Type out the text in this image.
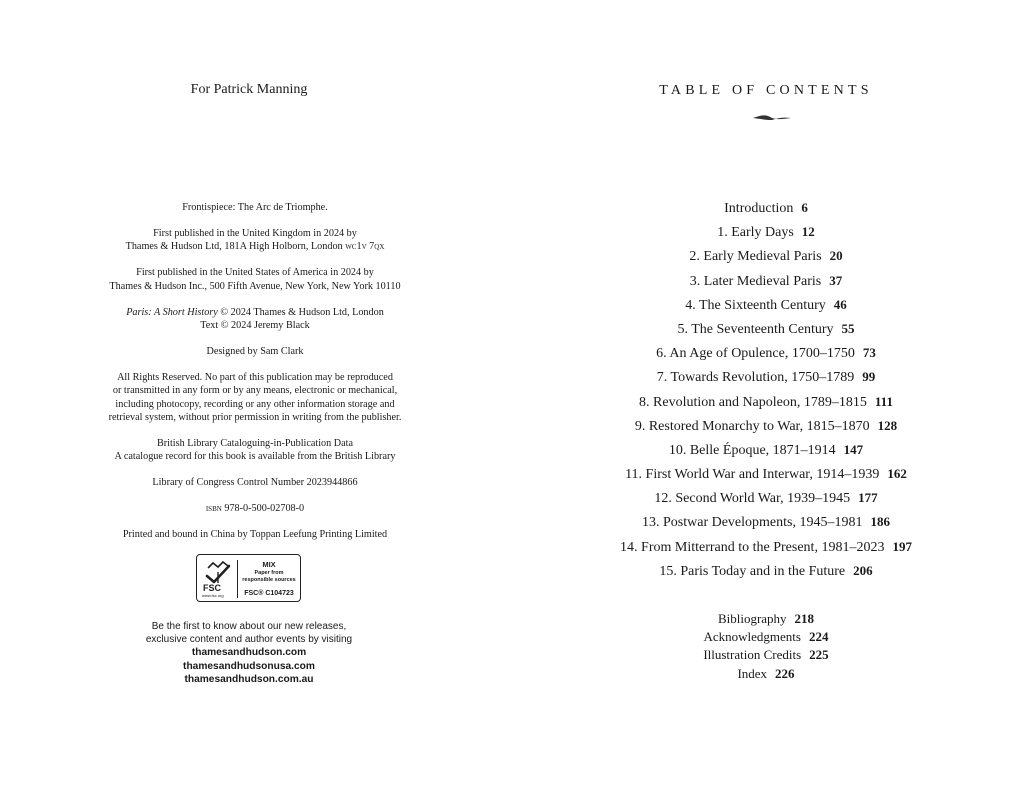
For Patrick Manning

Frontispiece: The Arc de Triomphe.

First published in the United Kingdom in 2024 by

Thames & Hudson Ltd, 181A High Holborn, London wc1v 7qx

First published in the United States of America in 2024 by

Thames & Hudson Inc., 500 Fifth Avenue, New York, New York 10110

Paris: A Short History © 2024 Thames & Hudson Ltd, London

Text © 2024 Jeremy Black

Designed by Sam Clark

All Rights Reserved. No part of this publication may be reproduced

or transmitted in any form or by any means, electronic or mechanical,

including photocopy, recording or any other information storage and

retrieval system, without prior permission in writing from the publisher.

British Library Cataloguing-in-Publication Data

A catalogue record for this book is available from the British Library

Library of Congress Control Number 2023944866

isbn 978-0-500-02708-0

Printed and bound in China by Toppan Leefung Printing Limited

FSC
www.fsc.org
MIX
Paper from
responsible sources
FSC® C104723

Be the first to know about our new releases,

exclusive content and author events by visiting

thamesandhudson.com

thamesandhudsonusa.com

thamesandhudson.com.au

TABLE OF CONTENTS
Introduction 6
1. Early Days 12
2. Early Medieval Paris 20
3. Later Medieval Paris 37
4. The Sixteenth Century 46
5. The Seventeenth Century 55
6. An Age of Opulence, 1700–1750 73
7. Towards Revolution, 1750–1789 99
8. Revolution and Napoleon, 1789–1815 111
9. Restored Monarchy to War, 1815–1870 128
10. Belle Époque, 1871–1914 147
11. First World War and Interwar, 1914–1939 162
12. Second World War, 1939–1945 177
13. Postwar Developments, 1945–1981 186
14. From Mitterrand to the Present, 1981–2023 197
15. Paris Today and in the Future 206
Bibliography 218
Acknowledgments 224
Illustration Credits 225
Index 226
